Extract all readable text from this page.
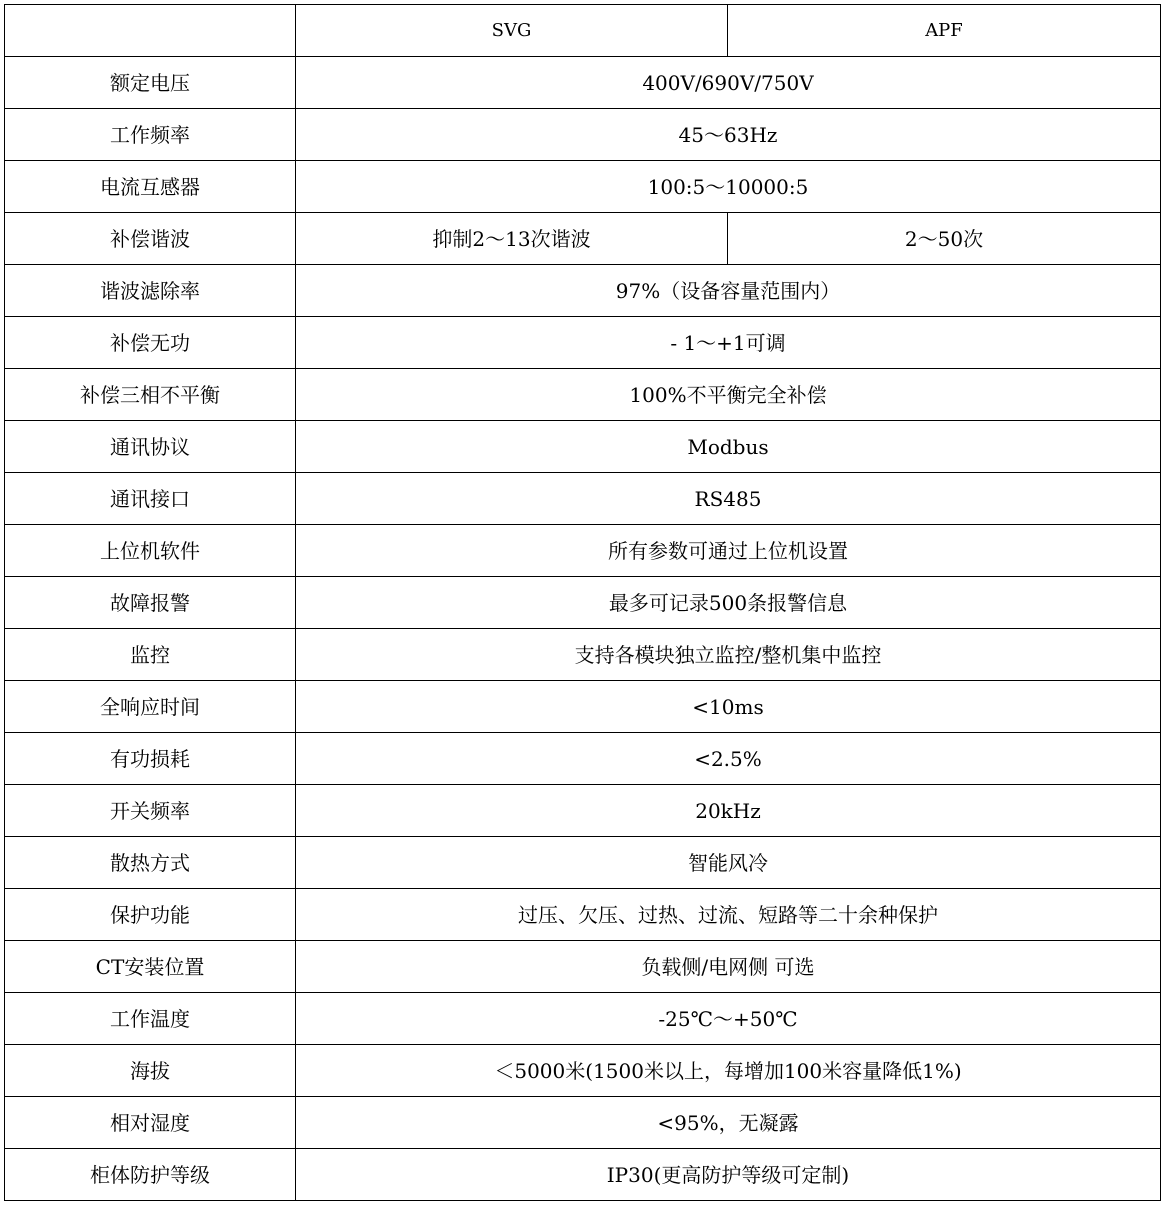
	SVG	APF
额定电压	400V/690V/750V	
工作频率	45～63Hz	
电流互感器	100:5～10000:5	
补偿谐波	抑制2～13次谐波	2～50次
谐波滤除率	97%（设备容量范围内）	
补偿无功	- 1～+1可调	
补偿三相不平衡	100%不平衡完全补偿	
通讯协议	Modbus	
通讯接口	RS485	
上位机软件	所有参数可通过上位机设置	
故障报警	最多可记录500条报警信息	
监控	支持各模块独立监控/整机集中监控	
全响应时间	<10ms	
有功损耗	<2.5%	
开关频率	20kHz	
散热方式	智能风冷	
保护功能	过压、欠压、过热、过流、短路等二十余种保护	
CT安装位置	负载侧/电网侧 可选	
工作温度	-25℃～+50℃	
海拔	＜5000米(1500米以上，每增加100米容量降低1%)	
相对湿度	<95%，无凝露	
柜体防护等级	IP30(更高防护等级可定制)	
